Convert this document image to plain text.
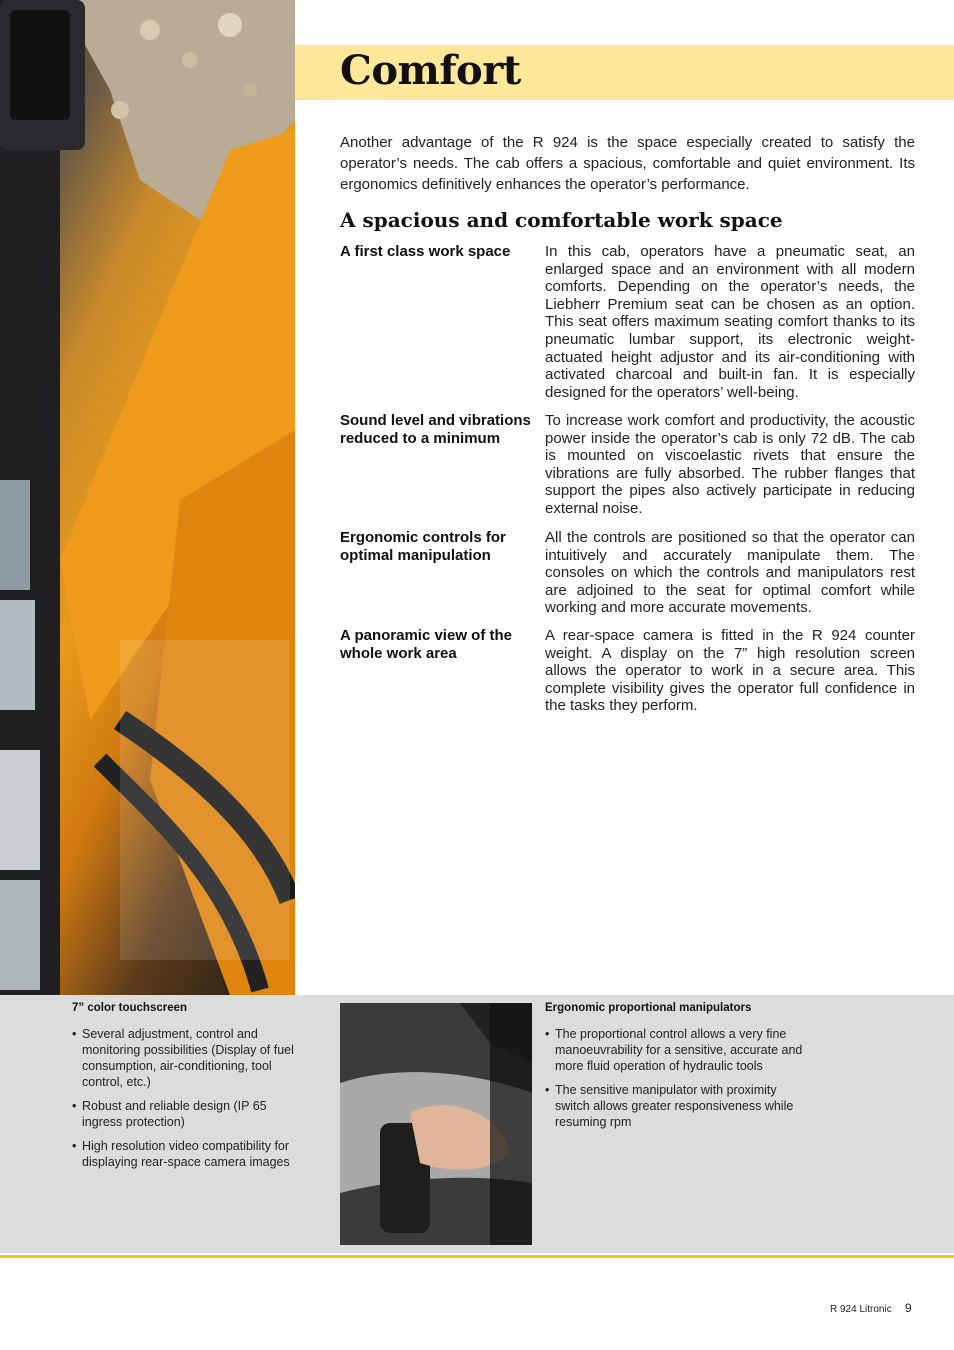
Comfort

Another advantage of the R 924 is the space especially created to satisfy the operator’s needs. The cab offers a spacious, comfortable and quiet environment. Its ergonomics definitively enhances the operator’s performance.

A spacious and comfortable work space

A first class work space	In this cab, operators have a pneumatic seat, an enlarged space and an environment with all modern comforts. Depending on the operator’s needs, the Liebherr Premium seat can be chosen as an option. This seat offers maximum seating comfort thanks to its pneumatic lumbar support, its electronic weight-actuated height adjustor and its air-conditioning with activated charcoal and built-in fan. It is especially designed for the operators’ well-being.

Sound level and vibrations reduced to a minimum

To increase work comfort and productivity, the acoustic power inside the operator’s cab is only 72 dB. The cab is mounted on viscoelastic rivets that ensure the vibrations are fully absorbed. The rubber flanges that support the pipes also actively participate in reducing external noise.

Ergonomic controls for optimal manipulation

All the controls are positioned so that the operator can intuitively and accurately manipulate them. The consoles on which the controls and manipulators rest are adjoined to the seat for optimal comfort while working and more accurate movements.

A panoramic view of the whole work area

A rear-space camera is fitted in the R 924 counter weight. A display on the 7” high resolution screen allows the operator to work in a secure area. This complete visibility gives the operator full confidence in the tasks they perform.

7” color touchscreen

• Several adjustment, control and monitoring possibilities (Display of fuel consumption, air-conditioning, tool control, etc.)
• Robust and reliable design (IP 65 ingress protection)
• High resolution video compatibility for displaying rear-space camera images

Ergonomic proportional manipulators

• The proportional control allows a very fine manoeuvrability for a sensitive, accurate and more fluid operation of hydraulic tools
• The sensitive manipulator with proximity switch allows greater responsiveness while resuming rpm

R 924 Litronic 9
